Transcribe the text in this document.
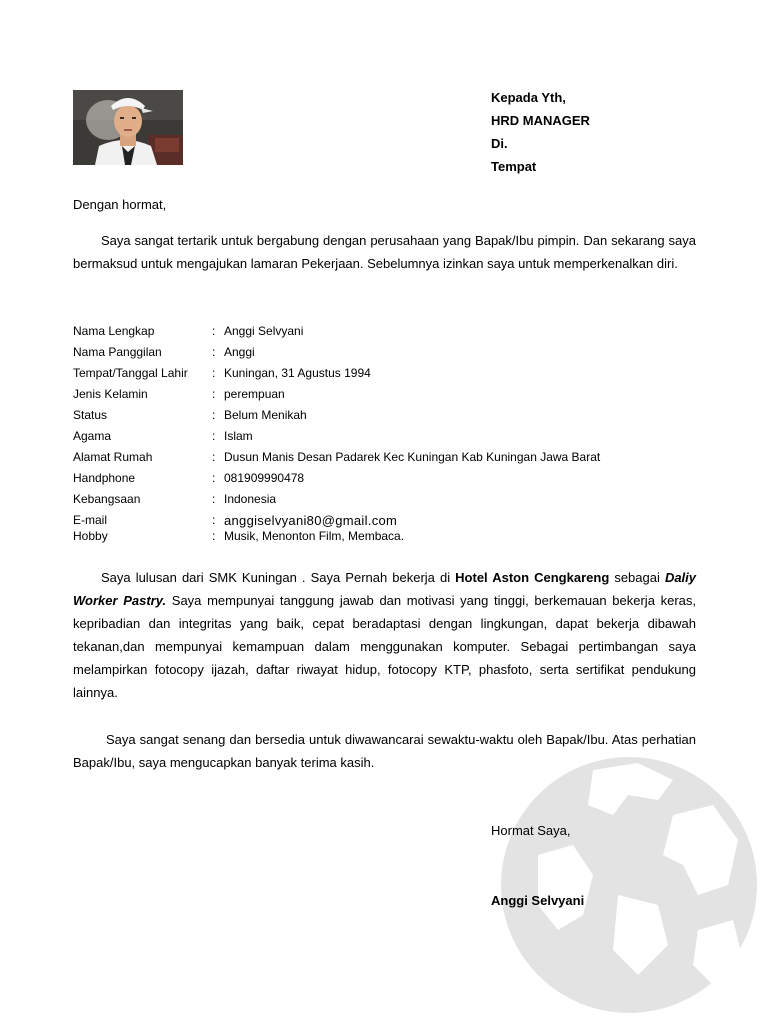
Kepada Yth,
HRD MANAGER
Di.
Tempat
Dengan hormat,
Saya sangat tertarik untuk bergabung dengan perusahaan yang Bapak/Ibu pimpin. Dan sekarang saya bermaksud untuk mengajukan lamaran Pekerjaan. Sebelumnya izinkan saya untuk memperkenalkan diri.
Nama Lengkap	: Anggi Selvyani
Nama Panggilan	: Anggi
Tempat/Tanggal Lahir : Kuningan, 31 Agustus 1994
Jenis Kelamin	: perempuan
Status	: Belum Menikah
Agama	: Islam
Alamat Rumah	: Dusun Manis Desan Padarek Kec Kuningan Kab Kuningan Jawa Barat
Handphone	: 081909990478
Kebangsaan	: Indonesia
E-mail	: anggiselvyani80@gmail.com
Hobby	: Musik, Menonton Film, Membaca.
Saya lulusan dari SMK Kuningan . Saya Pernah bekerja di Hotel Aston Cengkareng sebagai Daliy Worker Pastry. Saya mempunyai tanggung jawab dan motivasi yang tinggi, berkemauan bekerja keras, kepribadian dan integritas yang baik, cepat beradaptasi dengan lingkungan, dapat bekerja dibawah tekanan,dan mempunyai kemampuan dalam menggunakan komputer. Sebagai pertimbangan saya melampirkan fotocopy ijazah, daftar riwayat hidup, fotocopy KTP, phasfoto, serta sertifikat pendukung lainnya.
Saya sangat senang dan bersedia untuk diwawancarai sewaktu-waktu oleh Bapak/Ibu. Atas perhatian Bapak/Ibu, saya mengucapkan banyak terima kasih.
Hormat Saya,
Anggi Selvyani
